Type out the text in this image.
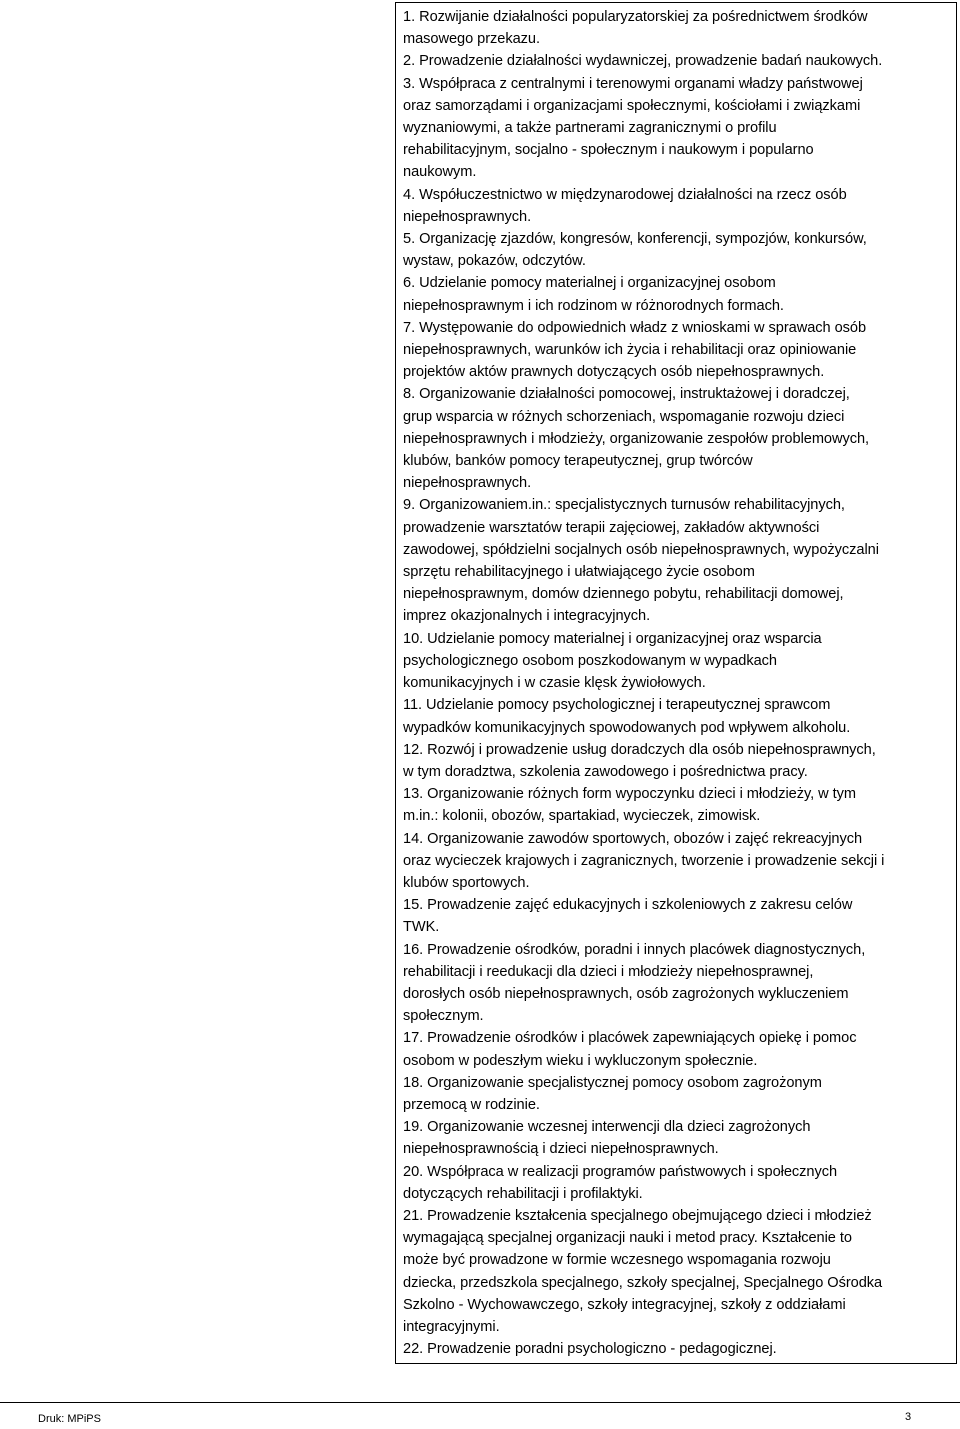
1. Rozwijanie działalności popularyzatorskiej za pośrednictwem środków
masowego przekazu.

2. Prowadzenie działalności wydawniczej, prowadzenie badań naukowych.

3. Współpraca z centralnymi i terenowymi organami władzy państwowej
oraz samorządami i organizacjami społecznymi, kościołami i związkami
wyznaniowymi, a także partnerami zagranicznymi o profilu
rehabilitacyjnym, socjalno - społecznym i naukowym i popularno
naukowym.

4. Współuczestnictwo w międzynarodowej działalności na rzecz osób
niepełnosprawnych.

5. Organizację zjazdów, kongresów, konferencji, sympozjów, konkursów,
wystaw, pokazów, odczytów.

6. Udzielanie pomocy materialnej i organizacyjnej osobom
niepełnosprawnym i ich rodzinom w różnorodnych formach.

7. Występowanie do odpowiednich władz z wnioskami w sprawach osób
niepełnosprawnych, warunków ich życia i rehabilitacji oraz opiniowanie
projektów aktów prawnych dotyczących osób niepełnosprawnych.

8. Organizowanie działalności pomocowej, instruktażowej i doradczej,
grup wsparcia w różnych schorzeniach, wspomaganie rozwoju dzieci
niepełnosprawnych i młodzieży, organizowanie zespołów problemowych,
klubów, banków pomocy terapeutycznej, grup twórców
niepełnosprawnych.

9. Organizowaniem.in.: specjalistycznych turnusów rehabilitacyjnych,
prowadzenie warsztatów terapii zajęciowej, zakładów aktywności
zawodowej, spółdzielni socjalnych osób niepełnosprawnych, wypożyczalni
sprzętu rehabilitacyjnego i ułatwiającego życie osobom
niepełnosprawnym, domów dziennego pobytu, rehabilitacji domowej,
imprez okazjonalnych i integracyjnych.

10. Udzielanie pomocy materialnej i organizacyjnej oraz wsparcia
psychologicznego osobom poszkodowanym w wypadkach
komunikacyjnych i w czasie klęsk żywiołowych.

11. Udzielanie pomocy psychologicznej i terapeutycznej sprawcom
wypadków komunikacyjnych spowodowanych pod wpływem alkoholu.

12. Rozwój i prowadzenie usług doradczych dla osób niepełnosprawnych,
w tym doradztwa, szkolenia zawodowego i pośrednictwa pracy.

13. Organizowanie różnych form wypoczynku dzieci i młodzieży, w tym
m.in.: kolonii, obozów, spartakiad, wycieczek, zimowisk.

14. Organizowanie zawodów sportowych, obozów i zajęć rekreacyjnych
oraz wycieczek krajowych i zagranicznych, tworzenie i prowadzenie sekcji i
klubów sportowych.

15. Prowadzenie zajęć edukacyjnych i szkoleniowych z zakresu celów
TWK.

16. Prowadzenie ośrodków, poradni i innych placówek diagnostycznych,
rehabilitacji i reedukacji dla dzieci i młodzieży niepełnosprawnej,
dorosłych osób niepełnosprawnych, osób zagrożonych wykluczeniem
społecznym.

17. Prowadzenie ośrodków i placówek zapewniających opiekę i pomoc
osobom w podeszłym wieku i wykluczonym społecznie.

18. Organizowanie specjalistycznej pomocy osobom zagrożonym
przemocą w rodzinie.

19. Organizowanie wczesnej interwencji dla dzieci zagrożonych
niepełnosprawnością i dzieci niepełnosprawnych.

20. Współpraca w realizacji programów państwowych i społecznych
dotyczących rehabilitacji i profilaktyki.

21. Prowadzenie kształcenia specjalnego obejmującego dzieci i młodzież
wymagającą specjalnej organizacji nauki i metod pracy. Kształcenie to
może być prowadzone w formie wczesnego wspomagania rozwoju
dziecka, przedszkola specjalnego, szkoły specjalnej, Specjalnego Ośrodka
Szkolno - Wychowawczego, szkoły integracyjnej, szkoły z oddziałami
integracyjnymi.

22. Prowadzenie poradni psychologiczno - pedagogicznej.

Druk: MPiPS	3
